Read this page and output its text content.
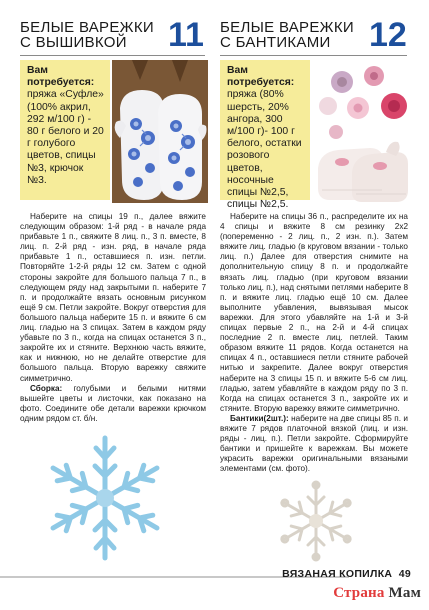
БЕЛЫЕ ВАРЕЖКИ
С ВЫШИВКОЙ	11
Вам потребуется:
пряжа «Суфле» (100% акрил, 292 м/100 г) - 80 г белого и 20 г голубого цветов, спицы №3, крючок №3.

Наберите на спицы 19 п., далее вяжите следующим образом: 1-й ряд - в начале ряда прибавьте 1 п., свяжите 8 лиц. п., 3 п. вместе, 8 лиц. п. 2-й ряд - изн. ряд, в начале ряда прибавьте 1 п., оставшиеся п. изн. петли. Повторяйте 1-2-й ряды 12 см. Затем с одной стороны закройте для большого пальца 7 п., в следующем ряду над закрытыми п. наберите 7 п. и продолжайте вязать основным рисунком ещё 9 см. Петли закройте. Вокруг отверстия для большого пальца наберите 15 п. и вяжите 6 см лиц. гладью на 3 спицах. Затем в каждом ряду убавьте по 3 п., когда на спицах останется 3 п., закройте их и стяните. Верхнюю часть вяжите, как и нижнюю, но не делайте отверстие для большого пальца. Вторую варежку свяжите симметрично.

Сборка: голубыми и белыми нитями вышейте цветы и листочки, как показано на фото. Соедините обе детали варежки крючком одним рядом ст. б/н.

БЕЛЫЕ ВАРЕЖКИ
С БАНТИКАМИ	12
Вам потребуется:
пряжа (80% шерсть, 20% ангора, 300 м/100 г)- 100 г белого, остатки розового цветов, носочные спицы №2,5, спицы №2,5.

Наберите на спицы 36 п., распределите их на 4 спицы и вяжите 8 см резинку 2х2 (попеременно - 2 лиц. п., 2 изн. п.). Затем вяжите лиц. гладью (в круговом вязании - только лиц. п.) Далее для отверстия снимите на дополнительную спицу 8 п. и продолжайте вязать лиц. гладью (при круговом вязании только лиц. п.), над снятыми петлями наберите 8 п. и вяжите лиц. гладью ещё 10 см. Далее выполните убавления, вывязывая мысок варежки. Для этого убавляйте на 1-й и 3-й спицах первые 2 п., на 2-й и 4-й спицах последние 2 п. вместе лиц. петлей. Таким образом вяжите 11 рядов. Когда останется на спицах 4 п., оставшиеся петли стяните рабочей нитью и закрепите. Далее вокруг отверстия наберите на 3 спицы 15 п. и вяжите 5-6 см лиц. гладью, затем убавляйте в каждом ряду по 3 п. Когда на спицах останется 3 п., закройте их и стяните. Вторую варежку вяжите симметрично.

Бантики(2шт.): наберите на две спицы 85 п. и вяжите 7 рядов платочной вязкой (лиц. и изн. ряды - лиц. п.). Петли закройте. Сформируйте бантики и пришейте к варежкам. Вы можете украсить варежки оригинальными вязаными элементами (см. фото).

ВЯЗАНАЯ КОПИЛКА 49
Страна Мам
